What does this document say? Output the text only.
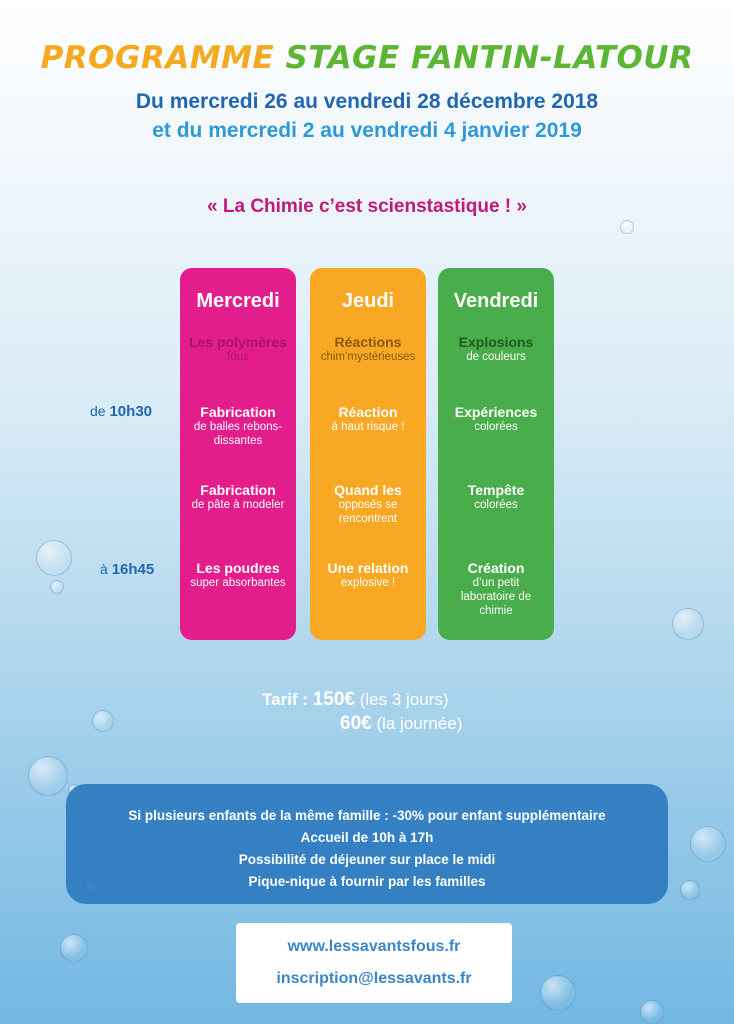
PROGRAMME STAGE FANTIN-LATOUR
Du mercredi 26 au vendredi 28 décembre 2018
et du mercredi 2 au vendredi 4 janvier 2019
« La Chimie c’est scienstastique ! »
de 10h30
à 16h45
Mercredi
Les polymères
fous
Fabrication
de balles rebons-dissantes
Fabrication
de pâte à modeler
Les poudres
super absorbantes
Jeudi
Réactions
chim’mystérieuses
Réaction
à haut risque !
Quand les
opposés se rencontrent
Une relation
explosive !
Vendredi
Explosions
de couleurs
Expériences
colorées
Tempête
colorées
Création
d’un petit laboratoire de chimie
Tarif : 150€ (les 3 jours)
60€ (la journée)
Si plusieurs enfants de la même famille : -30% pour enfant supplémentaire
Accueil de 10h à 17h
Possibilité de déjeuner sur place le midi
Pique-nique à fournir par les familles
www.lessavantsfous.fr
inscription@lessavants.fr
